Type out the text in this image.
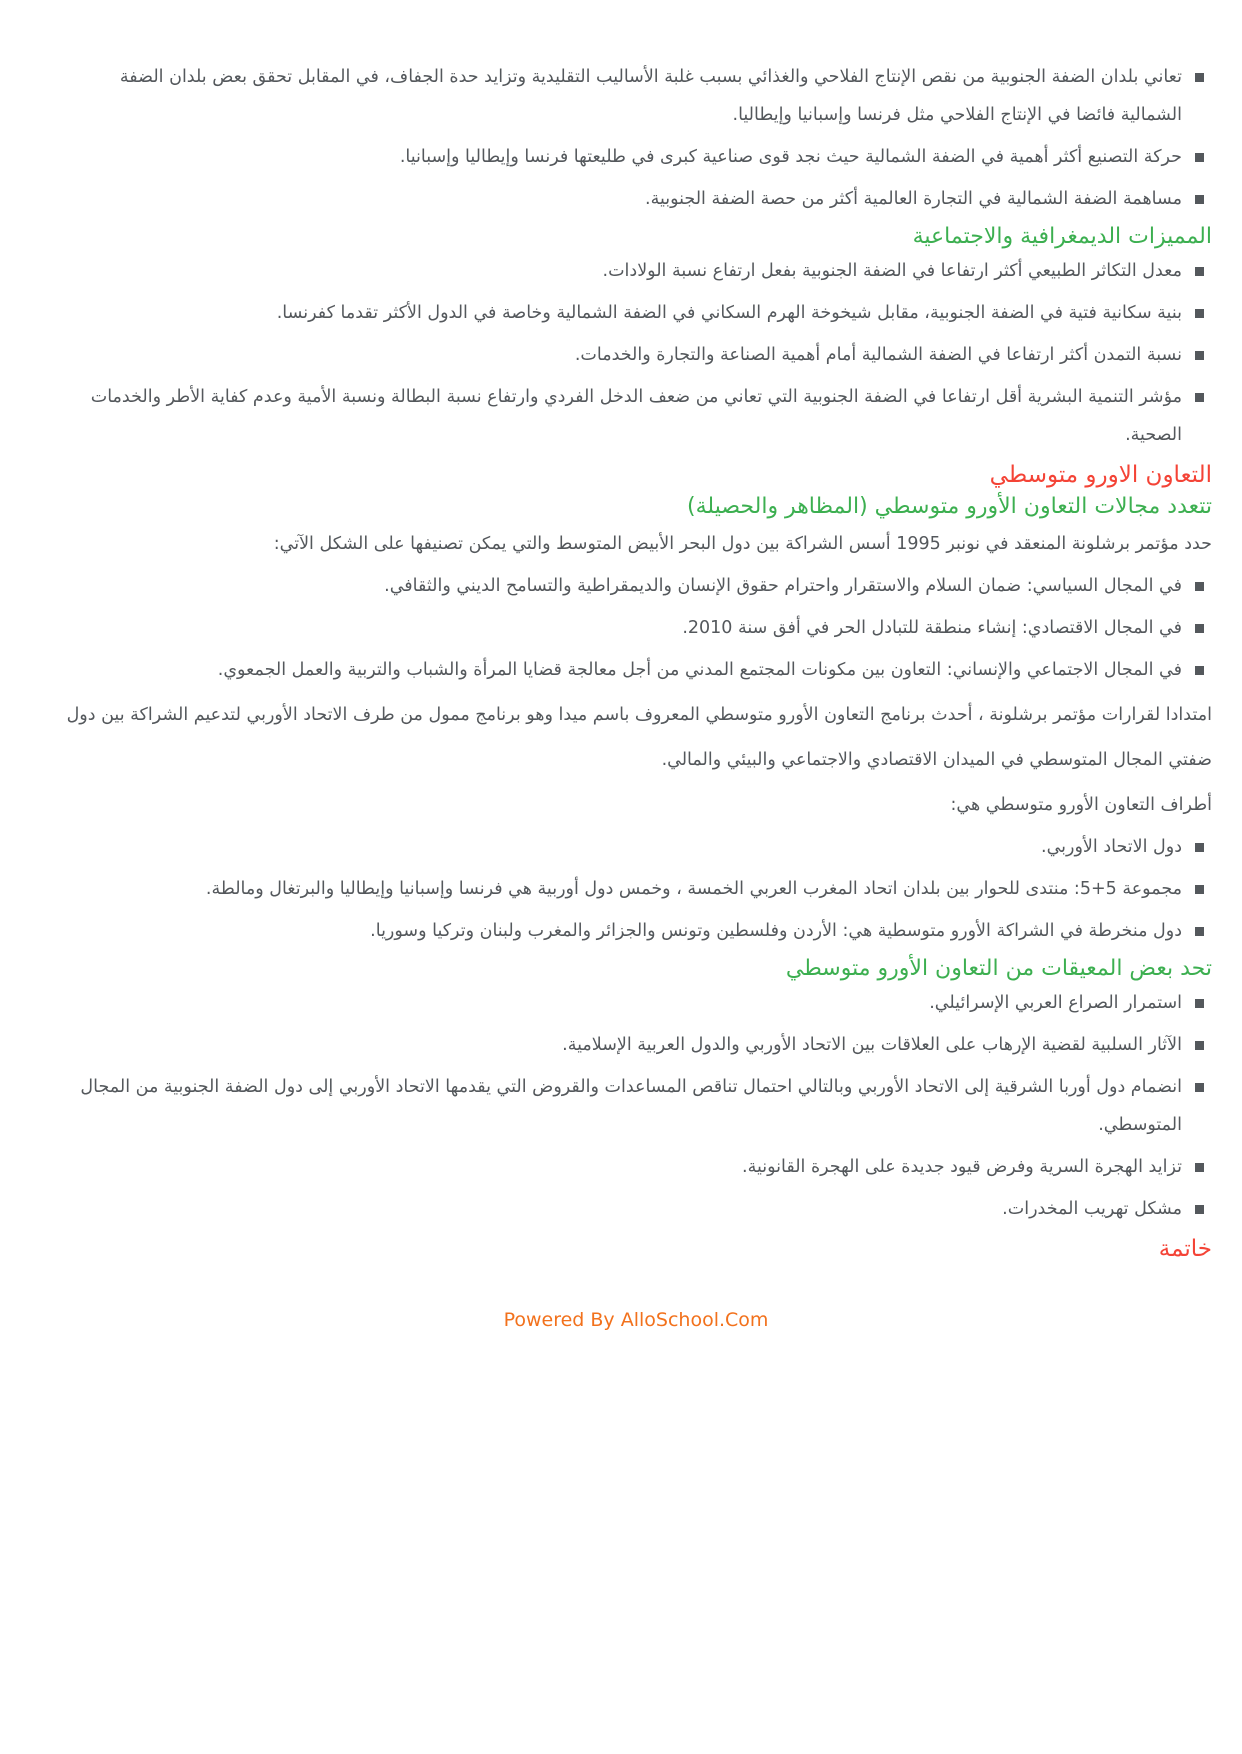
تعاني بلدان الضفة الجنوبية من نقص الإنتاج الفلاحي والغذائي بسبب غلبة الأساليب التقليدية وتزايد حدة الجفاف، في المقابل تحقق بعض بلدان الضفة الشمالية فائضا في الإنتاج الفلاحي مثل فرنسا وإسبانيا وإيطاليا.
حركة التصنيع أكثر أهمية في الضفة الشمالية حيث نجد قوى صناعية كبرى في طليعتها فرنسا وإيطاليا وإسبانيا.
مساهمة الضفة الشمالية في التجارة العالمية أكثر من حصة الضفة الجنوبية.
المميزات الديمغرافية والاجتماعية
معدل التكاثر الطبيعي أكثر ارتفاعا في الضفة الجنوبية بفعل ارتفاع نسبة الولادات.
بنية سكانية فتية في الضفة الجنوبية، مقابل شيخوخة الهرم السكاني في الضفة الشمالية وخاصة في الدول الأكثر تقدما كفرنسا.
نسبة التمدن أكثر ارتفاعا في الضفة الشمالية أمام أهمية الصناعة والتجارة والخدمات.
مؤشر التنمية البشرية أقل ارتفاعا في الضفة الجنوبية التي تعاني من ضعف الدخل الفردي وارتفاع نسبة البطالة ونسبة الأمية وعدم كفاية الأطر والخدمات الصحية.
التعاون الاورو متوسطي
تتعدد مجالات التعاون الأورو متوسطي (المظاهر والحصيلة)

حدد مؤتمر برشلونة المنعقد في نونبر 1995 أسس الشراكة بين دول البحر الأبيض المتوسط والتي يمكن تصنيفها على الشكل الآتي:

في المجال السياسي: ضمان السلام والاستقرار واحترام حقوق الإنسان والديمقراطية والتسامح الديني والثقافي.
في المجال الاقتصادي: إنشاء منطقة للتبادل الحر في أفق سنة 2010.
في المجال الاجتماعي والإنساني: التعاون بين مكونات المجتمع المدني من أجل معالجة قضايا المرأة والشباب والتربية والعمل الجمعوي.

امتدادا لقرارات مؤتمر برشلونة ، أحدث برنامج التعاون الأورو متوسطي المعروف باسم ميدا وهو برنامج ممول من طرف الاتحاد الأوربي لتدعيم الشراكة بين دول ضفتي المجال المتوسطي في الميدان الاقتصادي والاجتماعي والبيئي والمالي.

أطراف التعاون الأورو متوسطي هي:

دول الاتحاد الأوربي.
مجموعة 5+5: منتدى للحوار بين بلدان اتحاد المغرب العربي الخمسة ، وخمس دول أوربية هي فرنسا وإسبانيا وإيطاليا والبرتغال ومالطة.
دول منخرطة في الشراكة الأورو متوسطية هي: الأردن وفلسطين وتونس والجزائر والمغرب ولبنان وتركيا وسوريا.
تحد بعض المعيقات من التعاون الأورو متوسطي
استمرار الصراع العربي الإسرائيلي.
الآثار السلبية لقضية الإرهاب على العلاقات بين الاتحاد الأوربي والدول العربية الإسلامية.
انضمام دول أوربا الشرقية إلى الاتحاد الأوربي وبالتالي احتمال تناقص المساعدات والقروض التي يقدمها الاتحاد الأوربي إلى دول الضفة الجنوبية من المجال المتوسطي.
تزايد الهجرة السرية وفرض قيود جديدة على الهجرة القانونية.
مشكل تهريب المخدرات.
خاتمة
Powered By AlloSchool.Com
